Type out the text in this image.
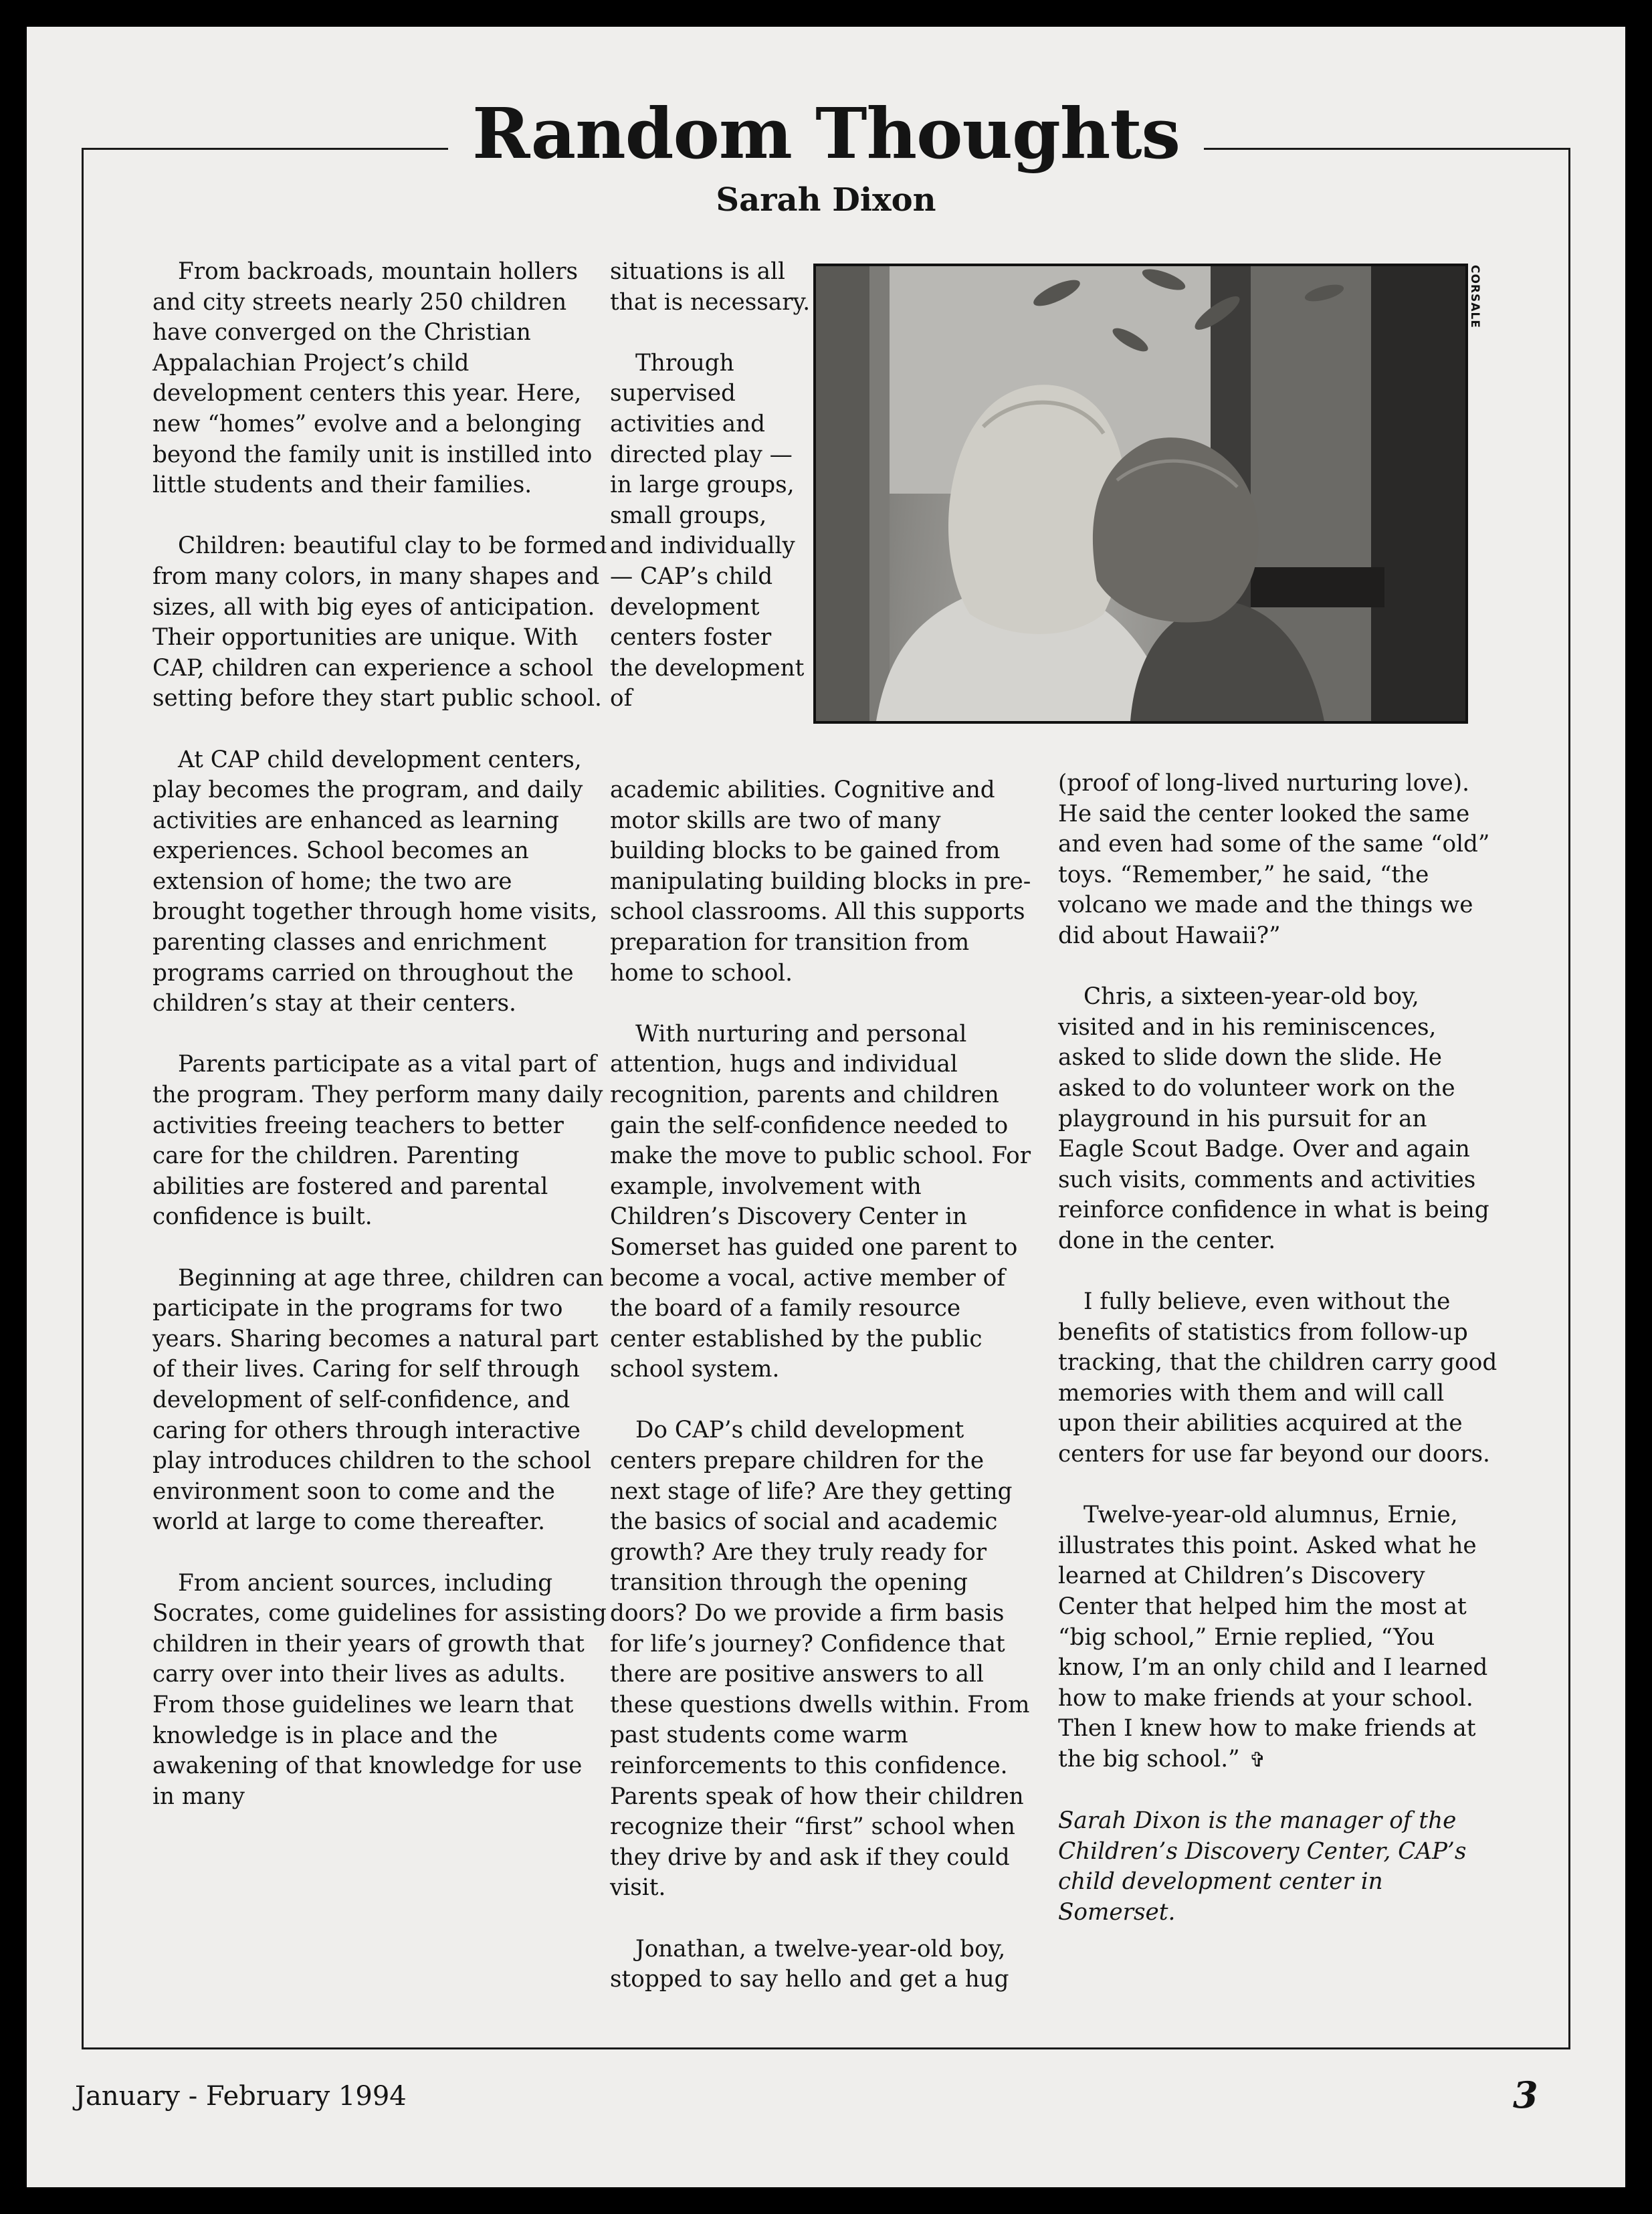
Random Thoughts
Sarah Dixon

From backroads, mountain hollers and city streets nearly 250 children have converged on the Christian Appalachian Project’s child development centers this year. Here, new “homes” evolve and a belonging beyond the family unit is instilled into little students and their families.

Children: beautiful clay to be formed from many colors, in many shapes and sizes, all with big eyes of anticipation. Their opportunities are unique. With CAP, children can experience a school setting before they start public school.

At CAP child development centers, play becomes the program, and daily activities are enhanced as learning experiences. School becomes an extension of home; the two are brought together through home visits, parenting classes and enrichment programs carried on throughout the children’s stay at their centers.

Parents participate as a vital part of the program. They perform many daily activities freeing teachers to better care for the children. Parenting abilities are fostered and parental confidence is built.

Beginning at age three, children can participate in the programs for two years. Sharing becomes a natural part of their lives. Caring for self through development of self-confidence, and caring for others through interactive play introduces children to the school environment soon to come and the world at large to come thereafter.

From ancient sources, including Socrates, come guidelines for assisting children in their years of growth that carry over into their lives as adults. From those guidelines we learn that knowledge is in place and the awakening of that knowledge for use in many

situations is all that is necessary.

Through supervised activities and directed play —in large groups, small groups, and individually— CAP’s child development centers foster the development of

CORSALE

academic abilities. Cognitive and motor skills are two of many building blocks to be gained from manipulating building blocks in pre-school classrooms. All this supports preparation for transition from home to school.

With nurturing and personal attention, hugs and individual recognition, parents and children gain the self-confidence needed to make the move to public school. For example, involvement with Children’s Discovery Center in Somerset has guided one parent to become a vocal, active member of the board of a family resource center established by the public school system.

Do CAP’s child development centers prepare children for the next stage of life? Are they getting the basics of social and academic growth? Are they truly ready for transition through the opening doors? Do we provide a firm basis for life’s journey? Confidence that there are positive answers to all these questions dwells within. From past students come warm reinforcements to this confidence. Parents speak of how their children recognize their “first” school when they drive by and ask if they could visit.

Jonathan, a twelve-year-old boy, stopped to say hello and get a hug

(proof of long-lived nurturing love). He said the center looked the same and even had some of the same “old” toys. “Remember,” he said, “the volcano we made and the things we did about Hawaii?”

Chris, a sixteen-year-old boy, visited and in his reminiscences, asked to slide down the slide. He asked to do volunteer work on the playground in his pursuit for an Eagle Scout Badge. Over and again such visits, comments and activities reinforce confidence in what is being done in the center.

I fully believe, even without the benefits of statistics from follow-up tracking, that the children carry good memories with them and will call upon their abilities acquired at the centers for use far beyond our doors.

Twelve-year-old alumnus, Ernie, illustrates this point. Asked what he learned at Children’s Discovery Center that helped him the most at “big school,” Ernie replied, “You know, I’m an only child and I learned how to make friends at your school. Then I knew how to make friends at the big school.” ✞

Sarah Dixon is the manager of the Children’s Discovery Center, CAP’s child development center in Somerset.

January - February 1994	3
